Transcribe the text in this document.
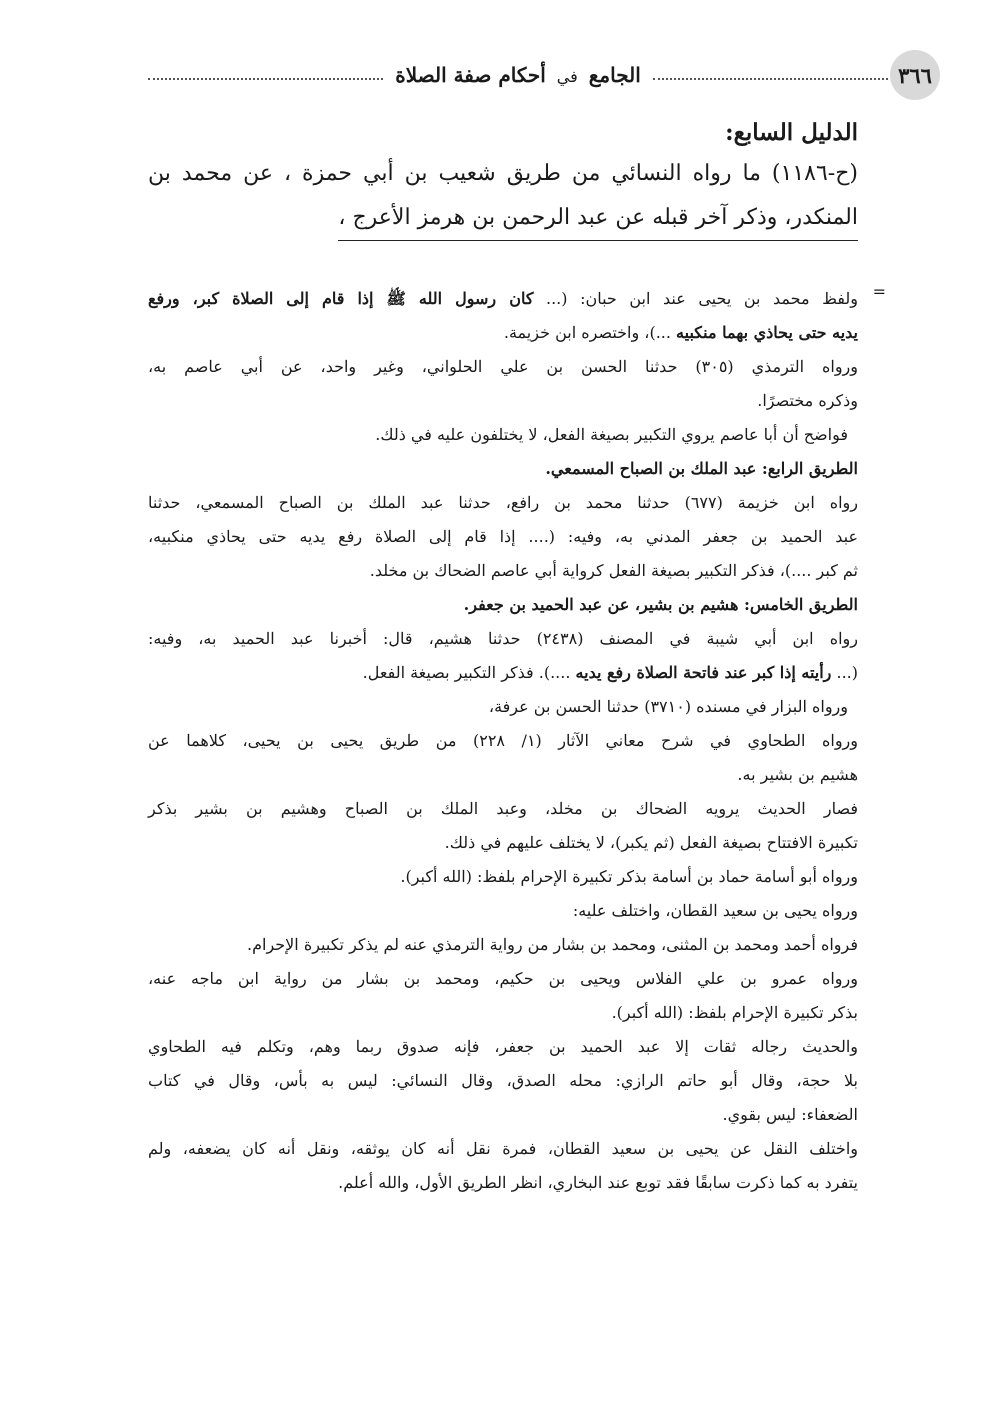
٣٦٦
الجامع في أحكام صفة الصلاة
الدليل السابع:

(ح-١١٨٦) ما رواه النسائي من طريق شعيب بن أبي حمزة ، عن محمد بن
المنكدر، وذكر آخر قبله عن عبد الرحمن بن هرمز الأعرج ،

=

ولفظ محمد بن يحيى عند ابن حبان: (... كان رسول الله ﷺ إذا قام إلى الصلاة كبر، ورفع
يديه حتى يحاذي بهما منكبيه ...)، واختصره ابن خزيمة.

ورواه الترمذي (٣٠٥) حدثنا الحسن بن علي الحلواني، وغير واحد، عن أبي عاصم به،
وذكره مختصرًا.

فواضح أن أبا عاصم يروي التكبير بصيغة الفعل، لا يختلفون عليه في ذلك.

الطريق الرابع: عبد الملك بن الصباح المسمعي.

رواه ابن خزيمة (٦٧٧) حدثنا محمد بن رافع، حدثنا عبد الملك بن الصباح المسمعي، حدثنا
عبد الحميد بن جعفر المدني به، وفيه: (.... إذا قام إلى الصلاة رفع يديه حتى يحاذي منكبيه،
ثم كبر ....)، فذكر التكبير بصيغة الفعل كرواية أبي عاصم الضحاك بن مخلد.

الطريق الخامس: هشيم بن بشير، عن عبد الحميد بن جعفر.

رواه ابن أبي شيبة في المصنف (٢٤٣٨) حدثنا هشيم، قال: أخبرنا عبد الحميد به، وفيه:
(... رأيته إذا كبر عند فاتحة الصلاة رفع يديه ....). فذكر التكبير بصيغة الفعل.

ورواه البزار في مسنده (٣٧١٠) حدثنا الحسن بن عرفة،

ورواه الطحاوي في شرح معاني الآثار (١/ ٢٢٨) من طريق يحيى بن يحيى، كلاهما عن
هشيم بن بشير به.

فصار الحديث يرويه الضحاك بن مخلد، وعبد الملك بن الصباح وهشيم بن بشير بذكر
تكبيرة الافتتاح بصيغة الفعل (ثم يكبر)، لا يختلف عليهم في ذلك.

ورواه أبو أسامة حماد بن أسامة بذكر تكبيرة الإحرام بلفظ: (الله أكبر).

ورواه يحيى بن سعيد القطان، واختلف عليه:

فرواه أحمد ومحمد بن المثنى، ومحمد بن بشار من رواية الترمذي عنه لم يذكر تكبيرة الإحرام.

ورواه عمرو بن علي الفلاس ويحيى بن حكيم، ومحمد بن بشار من رواية ابن ماجه عنه،
بذكر تكبيرة الإحرام بلفظ: (الله أكبر).

والحديث رجاله ثقات إلا عبد الحميد بن جعفر، فإنه صدوق ربما وهم، وتكلم فيه الطحاوي
بلا حجة، وقال أبو حاتم الرازي: محله الصدق، وقال النسائي: ليس به بأس، وقال في كتاب
الضعفاء: ليس بقوي.

واختلف النقل عن يحيى بن سعيد القطان، فمرة نقل أنه كان يوثقه، ونقل أنه كان يضعفه، ولم
يتفرد به كما ذكرت سابقًا فقد توبع عند البخاري، انظر الطريق الأول، والله أعلم.
